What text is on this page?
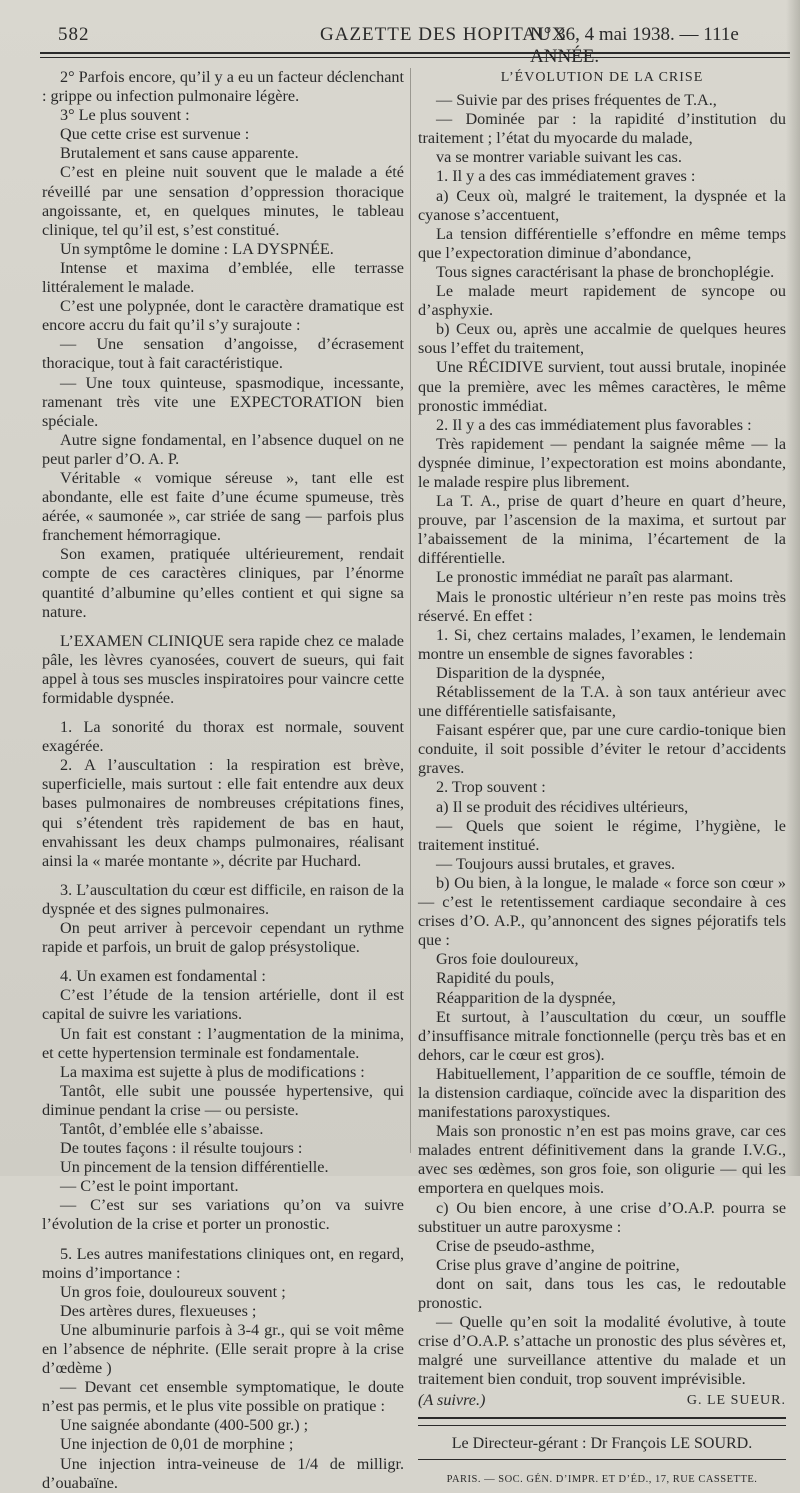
582	GAZETTE DES HOPITAUX
N° 36, 4 mai 1938. — 111e

2° Parfois encore, qu’il y a eu un facteur déclenchant : grippe ou infection pulmonaire légère.

3° Le plus souvent :

Que cette crise est survenue :

Brutalement et sans cause apparente.

C’est en pleine nuit souvent que le malade a été réveillé par une sensation d’oppression thoracique angoissante, et, en quelques minutes, le tableau clinique, tel qu’il est, s’est constitué.

Un symptôme le domine : LA DYSPNÉE.

Intense et maxima d’emblée, elle terrasse littéralement le malade.

C’est une polypnée, dont le caractère dramatique est encore accru du fait qu’il s’y surajoute :

— Une sensation d’angoisse, d’écrasement thoracique, tout à fait caractéristique.

— Une toux quinteuse, spasmodique, incessante, ramenant très vite une EXPECTORATION bien spéciale.

Autre signe fondamental, en l’absence duquel on ne peut parler d’O. A. P.

Véritable « vomique séreuse », tant elle est abondante, elle est faite d’une écume spumeuse, très aérée, « saumonée », car striée de sang — parfois plus franchement hémorragique.

Son examen, pratiquée ultérieurement, rendait compte de ces caractères cliniques, par l’énorme quantité d’albumine qu’elles contient et qui signe sa nature.

L’EXAMEN CLINIQUE sera rapide chez ce malade pâle, les lèvres cyanosées, couvert de sueurs, qui fait appel à tous ses muscles inspiratoires pour vaincre cette formidable dyspnée.

1. La sonorité du thorax est normale, souvent exagérée.

2. A l’auscultation : la respiration est brève, superficielle, mais surtout : elle fait entendre aux deux bases pulmonaires de nombreuses crépitations fines, qui s’étendent très rapidement de bas en haut, envahissant les deux champs pulmonaires, réalisant ainsi la « marée montante », décrite par Huchard.

3. L’auscultation du cœur est difficile, en raison de la dyspnée et des signes pulmonaires.

On peut arriver à percevoir cependant un rythme rapide et parfois, un bruit de galop présystolique.

4. Un examen est fondamental :

C’est l’étude de la tension artérielle, dont il est capital de suivre les variations.

Un fait est constant : l’augmentation de la minima, et cette hypertension terminale est fondamentale.

La maxima est sujette à plus de modifications :

Tantôt, elle subit une poussée hypertensive, qui diminue pendant la crise — ou persiste.

Tantôt, d’emblée elle s’abaisse.

De toutes façons : il résulte toujours :

Un pincement de la tension différentielle.

— C’est le point important.

— C’est sur ses variations qu’on va suivre l’évolution de la crise et porter un pronostic.

5. Les autres manifestations cliniques ont, en regard, moins d’importance :

Un gros foie, douloureux souvent ;

Des artères dures, flexueuses ;

Une albuminurie parfois à 3-4 gr., qui se voit même en l’absence de néphrite. (Elle serait propre à la crise d’œdème )

— Devant cet ensemble symptomatique, le doute n’est pas permis, et le plus vite possible on pratique :

Une saignée abondante (400-500 gr.) ;

Une injection de 0,01 de morphine ;

Une injection intra-veineuse de 1/4 de milligr. d’ouabaïne.

L’ÉVOLUTION DE LA CRISE

— Suivie par des prises fréquentes de T.A.,

— Dominée par : la rapidité d’institution du traitement ; l’état du myocarde du malade,

va se montrer variable suivant les cas.

1. Il y a des cas immédiatement graves :

a) Ceux où, malgré le traitement, la dyspnée et la cyanose s’accentuent,

La tension différentielle s’effondre en même temps que l’expectoration diminue d’abondance,

Tous signes caractérisant la phase de bronchoplégie.

Le malade meurt rapidement de syncope ou d’asphyxie.

b) Ceux ou, après une accalmie de quelques heures sous l’effet du traitement,

Une RÉCIDIVE survient, tout aussi brutale, inopinée que la première, avec les mêmes caractères, le même pronostic immédiat.

2. Il y a des cas immédiatement plus favorables :

Très rapidement — pendant la saignée même — la dyspnée diminue, l’expectoration est moins abondante, le malade respire plus librement.

La T. A., prise de quart d’heure en quart d’heure, prouve, par l’ascension de la maxima, et surtout par l’abaissement de la minima, l’écartement de la différentielle.

Le pronostic immédiat ne paraît pas alarmant.

Mais le pronostic ultérieur n’en reste pas moins très réservé. En effet :

1. Si, chez certains malades, l’examen, le lendemain montre un ensemble de signes favorables :

Disparition de la dyspnée,

Rétablissement de la T.A. à son taux antérieur avec une différentielle satisfaisante,

Faisant espérer que, par une cure cardio-tonique bien conduite, il soit possible d’éviter le retour d’accidents graves.

2. Trop souvent :

a) Il se produit des récidives ultérieurs,

— Quels que soient le régime, l’hygiène, le traitement institué.

— Toujours aussi brutales, et graves.

b) Ou bien, à la longue, le malade « force son cœur » — c’est le retentissement cardiaque secondaire à ces crises d’O. A.P., qu’annoncent des signes péjoratifs tels que :

Gros foie douloureux,

Rapidité du pouls,

Réapparition de la dyspnée,

Et surtout, à l’auscultation du cœur, un souffle d’insuffisance mitrale fonctionnelle (perçu très bas et en dehors, car le cœur est gros).

Habituellement, l’apparition de ce souffle, témoin de la distension cardiaque, coïncide avec la disparition des manifestations paroxystiques.

Mais son pronostic n’en est pas moins grave, car ces malades entrent définitivement dans la grande I.V.G., avec ses œdèmes, son gros foie, son oligurie — qui les emportera en quelques mois.

c) Ou bien encore, à une crise d’O.A.P. pourra se substituer un autre paroxysme :

Crise de pseudo-asthme,

Crise plus grave d’angine de poitrine,

dont on sait, dans tous les cas, le redoutable pronostic.

— Quelle qu’en soit la modalité évolutive, à toute crise d’O.A.P. s’attache un pronostic des plus sévères et, malgré une surveillance attentive du malade et un traitement bien conduit, trop souvent imprévisible.

(A suivre.)	G. LE SUEUR.
Le Directeur-gérant : Dr François LE SOURD.
PARIS. — SOC. GÉN. D’IMPR. ET D’ÉD., 17, RUE CASSETTE.
